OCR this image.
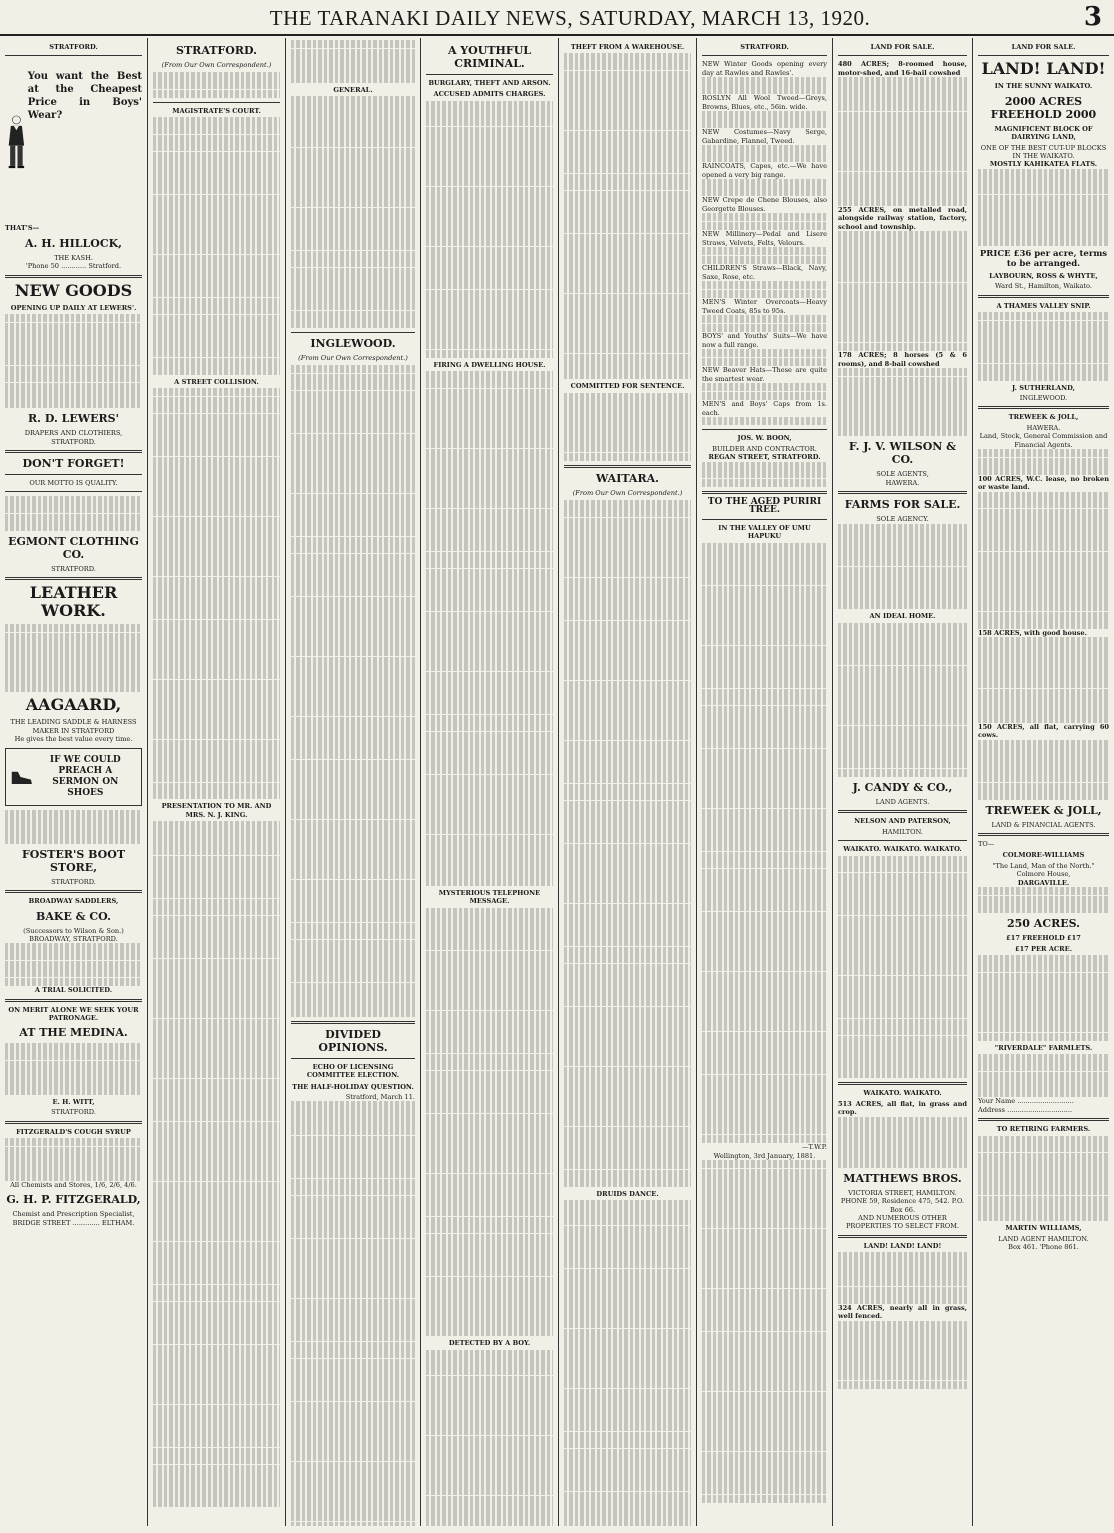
THE TARANAKI DAILY NEWS, SATURDAY, MARCH 13, 1920.	3
STRATFORD.
You want the Best at the Cheapest Price in Boys' Wear?
THAT'S—
A. H. HILLOCK,
THE KASH.
'Phone 50 ............ Stratford.
NEW GOODS
OPENING UP DAILY AT LEWERS'.
R. D. LEWERS'
DRAPERS AND CLOTHIERS, STRATFORD.
DON'T FORGET!
OUR MOTTO IS QUALITY.
EGMONT CLOTHING CO.
STRATFORD.
LEATHER WORK.
AAGAARD,
THE LEADING SADDLE & HARNESS MAKER IN STRATFORD
He gives the best value every time.
IF WE COULD PREACH A SERMON ON SHOES
FOSTER'S BOOT STORE,
STRATFORD.
BROADWAY SADDLERS,
BAKE & CO.
(Successors to Wilson & Son.)
BROADWAY, STRATFORD.
A TRIAL SOLICITED.
ON MERIT ALONE WE SEEK YOUR PATRONAGE.
AT THE MEDINA.
E. H. WITT,
STRATFORD.
FITZGERALD'S COUGH SYRUP
All Chemists and Stores, 1/6, 2/6, 4/6.
G. H. P. FITZGERALD,
Chemist and Prescription Specialist, BRIDGE STREET ............. ELTHAM.
STRATFORD.
(From Our Own Correspondent.)
MAGISTRATE'S COURT.
A STREET COLLISION.
PRESENTATION TO MR. AND MRS. N. J. KING.
GENERAL.
INGLEWOOD.
(From Our Own Correspondent.)
DIVIDED OPINIONS.
ECHO OF LICENSING COMMITTEE ELECTION.
THE HALF-HOLIDAY QUESTION.
Stratford, March 11.
A YOUTHFUL CRIMINAL.
BURGLARY, THEFT AND ARSON.
ACCUSED ADMITS CHARGES.
FIRING A DWELLING HOUSE.
MYSTERIOUS TELEPHONE MESSAGE.
DETECTED BY A BOY.
THEFT FROM A WAREHOUSE.
COMMITTED FOR SENTENCE.
WAITARA.
(From Our Own Correspondent.)
DRUIDS DANCE.
STRATFORD.
NEW Winter Goods opening every day at Rawles and Rawles'.
ROSLYN All Wool Tweed—Greys, Browns, Blues, etc., 56in. wide.
NEW Costumes—Navy Serge, Gabardine, Flannel, Tweed.
RAINCOATS, Capes, etc.—We have opened a very big range.
NEW Crepe de Chene Blouses, also Georgette Blouses.
NEW Millinery—Pedal and Lisere Straws, Velvets, Felts, Velours.
CHILDREN'S Straws—Black, Navy, Saxe, Rose, etc.
MEN'S Winter Overcoats—Heavy Tweed Coats, 85s to 95s.
BOYS' and Youths' Suits—We have now a full range.
NEW Beaver Hats—These are quite the smartest wear.
MEN'S and Boys' Caps from 1s. each.
JOS. W. BOON,
BUILDER AND CONTRACTOR.
REGAN STREET, STRATFORD.
TO THE AGED PURIRI TREE.
IN THE VALLEY OF UMU HAPUKU
—T.W.P.
Wellington, 3rd January, 1881.
LAND FOR SALE.
480 ACRES; 8-roomed house, motor-shed, and 16-bail cowshed
255 ACRES, on metalled road, alongside railway station, factory, school and township.
178 ACRES; 8 horses (5 & 6 rooms), and 8-bail cowshed
F. J. V. WILSON & CO.
SOLE AGENTS,
HAWERA.
FARMS FOR SALE.
SOLE AGENCY.
AN IDEAL HOME.
J. CANDY & CO.,
LAND AGENTS.
NELSON AND PATERSON,
HAMILTON.
WAIKATO. WAIKATO. WAIKATO.
WAIKATO. WAIKATO.
513 ACRES, all flat, in grass and crop.
MATTHEWS BROS.
VICTORIA STREET, HAMILTON.
PHONE 59, Residence 475, 542. P.O. Box 66.
AND NUMEROUS OTHER PROPERTIES TO SELECT FROM.
LAND! LAND! LAND!
324 ACRES, nearly all in grass, well fenced.
LAND FOR SALE.
LAND! LAND!
IN THE SUNNY WAIKATO.
2000 ACRES FREEHOLD 2000
MAGNIFICENT BLOCK OF DAIRYING LAND,
ONE OF THE BEST CUT-UP BLOCKS IN THE WAIKATO.
MOSTLY KAHIKATEA FLATS.
PRICE £36 per acre, terms to be arranged.
LAYBOURN, ROSS & WHYTE,
Ward St., Hamilton, Waikato.
A THAMES VALLEY SNIP.
J. SUTHERLAND,
INGLEWOOD.
TREWEEK & JOLL,
HAWERA.
Land, Stock, General Commission and Financial Agents.
100 ACRES, W.C. lease, no broken or waste land.
158 ACRES, with good house.
150 ACRES, all flat, carrying 60 cows.
TREWEEK & JOLL,
LAND & FINANCIAL AGENTS.
TO—
COLMORE-WILLIAMS
"The Land, Man of the North."
Colmore House,
DARGAVILLE.
250 ACRES.
£17 FREEHOLD £17
£17 PER ACRE.
"RIVERDALE" FARMLETS.
Your Name ...........................
Address ...............................
TO RETIRING FARMERS.
MARTIN WILLIAMS,
LAND AGENT HAMILTON.
Box 461. 'Phone 861.
